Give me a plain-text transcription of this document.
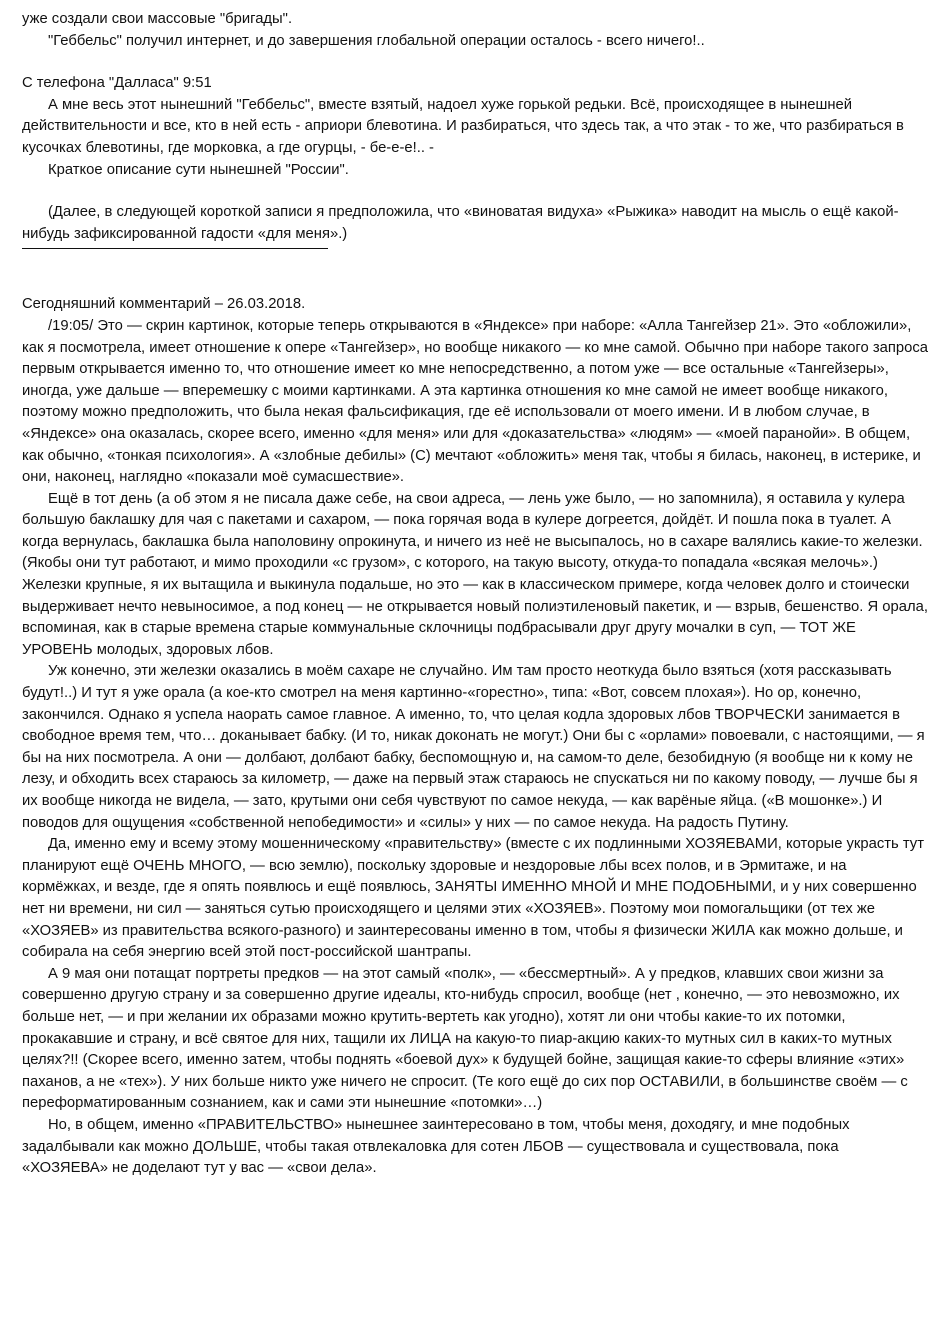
уже создали свои массовые "бригады".

"Геббельс" получил интернет, и до завершения глобальной операции осталось - всего ничего!..

С телефона "Далласа" 9:51

А мне весь этот нынешний "Геббельс", вместе взятый, надоел хуже горькой редьки. Всё, происходящее в нынешней действительности и все, кто в ней есть - априори блевотина. И разбираться, что здесь так, а что этак - то же, что разбираться в кусочках блевотины, где морковка, а где огурцы, - бе-е-е!.. -

Краткое описание сути нынешней "России".

(Далее, в следующей короткой записи я предположила, что «виноватая видуха» «Рыжика» наводит на мысль о ещё какой-нибудь зафиксированной гадости «для меня».)

Сегодняшний комментарий – 26.03.2018.

/19:05/ Это — скрин картинок, которые теперь открываются в «Яндексе» при наборе: «Алла Тангейзер 21». Это «обложили», как я посмотрела, имеет отношение к опере «Тангейзер», но вообще никакого — ко мне самой. Обычно при наборе такого запроса первым открывается именно то, что отношение имеет ко мне непосредственно, а потом уже — все остальные «Тангейзеры», иногда, уже дальше — вперемешку с моими картинками. А эта картинка отношения ко мне самой не имеет вообще никакого, поэтому можно предположить, что была некая фальсификация, где её использовали от моего имени. И в любом случае, в «Яндексе» она оказалась, скорее всего, именно «для меня» или для «доказательства» «людям» — «моей паранойи». В общем, как обычно, «тонкая психология». А «злобные дебилы» (С) мечтают «обложить» меня так, чтобы я билась, наконец, в истерике, и они, наконец, наглядно «показали моё сумасшествие».

Ещё в тот день (а об этом я не писала даже себе, на свои адреса, — лень уже было, — но запомнила), я оставила у кулера большую баклашку для чая с пакетами и сахаром, — пока горячая вода в кулере догреется, дойдёт. И пошла пока в туалет. А когда вернулась, баклашка была наполовину опрокинута, и ничего из неё не высыпалось, но в сахаре валялись какие-то железки. (Якобы они тут работают, и мимо проходили «с грузом», с которого, на такую высоту, откуда-то попадала «всякая мелочь».) Железки крупные, я их вытащила и выкинула подальше, но это — как в классическом примере, когда человек долго и стоически выдерживает нечто невыносимое, а под конец — не открывается новый полиэтиленовый пакетик, и — взрыв, бешенство. Я орала, вспоминая, как в старые времена старые коммунальные склочницы подбрасывали друг другу мочалки в суп, — ТОТ ЖЕ УРОВЕНЬ молодых, здоровых лбов.

Уж конечно, эти железки оказались в моём сахаре не случайно. Им там просто неоткуда было взяться (хотя рассказывать будут!..) И тут я уже орала (а кое-кто смотрел на меня картинно-«горестно», типа: «Вот, совсем плохая»). Но ор, конечно, закончился. Однако я успела наорать самое главное. А именно, то, что целая кодла здоровых лбов ТВОРЧЕСКИ занимается в свободное время тем, что… доканывает бабку. (И то, никак доконать не могут.) Они бы с «орлами» повоевали, с настоящими, — я бы на них посмотрела. А они — долбают, долбают бабку, беспомощную и, на самом-то деле, безобидную (я вообще ни к кому не лезу, и обходить всех стараюсь за километр, — даже на первый этаж стараюсь не спускаться ни по какому поводу, — лучше бы я их вообще никогда не видела, — зато, крутыми они себя чувствуют по самое некуда, — как варёные яйца. («В мошонке».) И поводов для ощущения «собственной непобедимости» и «силы» у них — по самое некуда. На радость Путину.

Да, именно ему и всему этому мошенническому «правительству» (вместе с их подлинными ХОЗЯЕВАМИ, которые украсть тут планируют ещё ОЧЕНЬ МНОГО, — всю землю), поскольку здоровые и нездоровые лбы всех полов, и в Эрмитаже, и на кормёжках, и везде, где я опять появлюсь и ещё появлюсь, ЗАНЯТЫ ИМЕННО МНОЙ И МНЕ ПОДОБНЫМИ, и у них совершенно нет ни времени, ни сил — заняться сутью происходящего и целями этих «ХОЗЯЕВ». Поэтому мои помогальщики (от тех же «ХОЗЯЕВ» из правительства всякого-разного) и заинтересованы именно в том, чтобы я физически ЖИЛА как можно дольше, и собирала на себя энергию всей этой пост-российской шантрапы.

А 9 мая они потащат портреты предков — на этот самый «полк», — «бессмертный». А у предков, клавших свои жизни за совершенно другую страну и за совершенно другие идеалы, кто-нибудь спросил, вообще (нет , конечно, — это невозможно, их больше нет, — и при желании их образами можно крутить-вертеть как угодно), хотят ли они чтобы какие-то их потомки, прокакавшие и страну, и всё святое для них, тащили их ЛИЦА на какую-то пиар-акцию каких-то мутных сил в каких-то мутных целях?!! (Скорее всего, именно затем, чтобы поднять «боевой дух» к будущей бойне, защищая какие-то сферы влияние «этих» паханов, а не «тех»). У них больше никто уже ничего не спросит. (Те кого ещё до сих пор ОСТАВИЛИ, в большинстве своём — с переформатированным сознанием, как и сами эти нынешние «потомки»…)

Но, в общем, именно «ПРАВИТЕЛЬСТВО» нынешнее заинтересовано в том, чтобы меня, доходягу, и мне подобных задалбывали как можно ДОЛЬШЕ, чтобы такая отвлекаловка для сотен ЛБОВ — существовала и существовала, пока «ХОЗЯЕВА» не доделают тут у вас — «свои дела».
